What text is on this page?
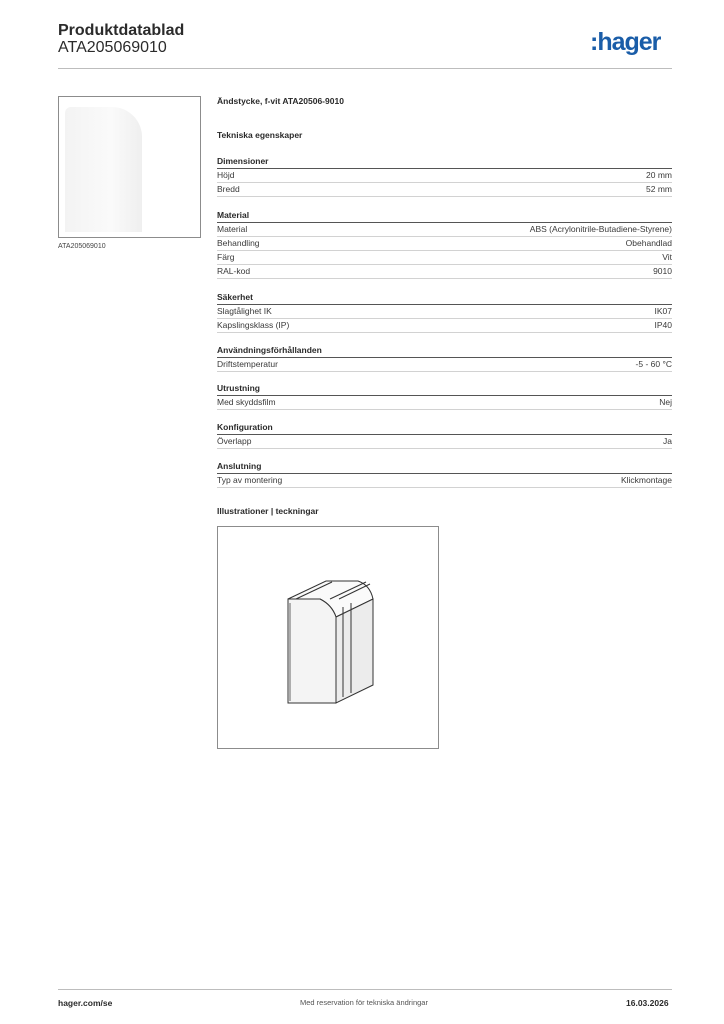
Produktdatablad
ATA205069010	:hager
ATA205069010
Ändstycke, f-vit ATA20506-9010
Tekniska egenskaper
Dimensioner
Höjd	20 mm
Bredd	52 mm
Material
Material	ABS (Acrylonitrile-Butadiene-Styrene)
Behandling	Obehandlad
Färg	Vit
RAL-kod	9010
Säkerhet
Slagtålighet IK	IK07
Kapslingsklass (IP)	IP40
Användningsförhållanden
Driftstemperatur	-5 - 60 °C
Utrustning
Med skyddsfilm	Nej
Konfiguration
Överlapp	Ja
Anslutning
Typ av montering	Klickmontage
Illustrationer | teckningar
hager.com/se	Med reservation för tekniska ändringar	16.03.2026
